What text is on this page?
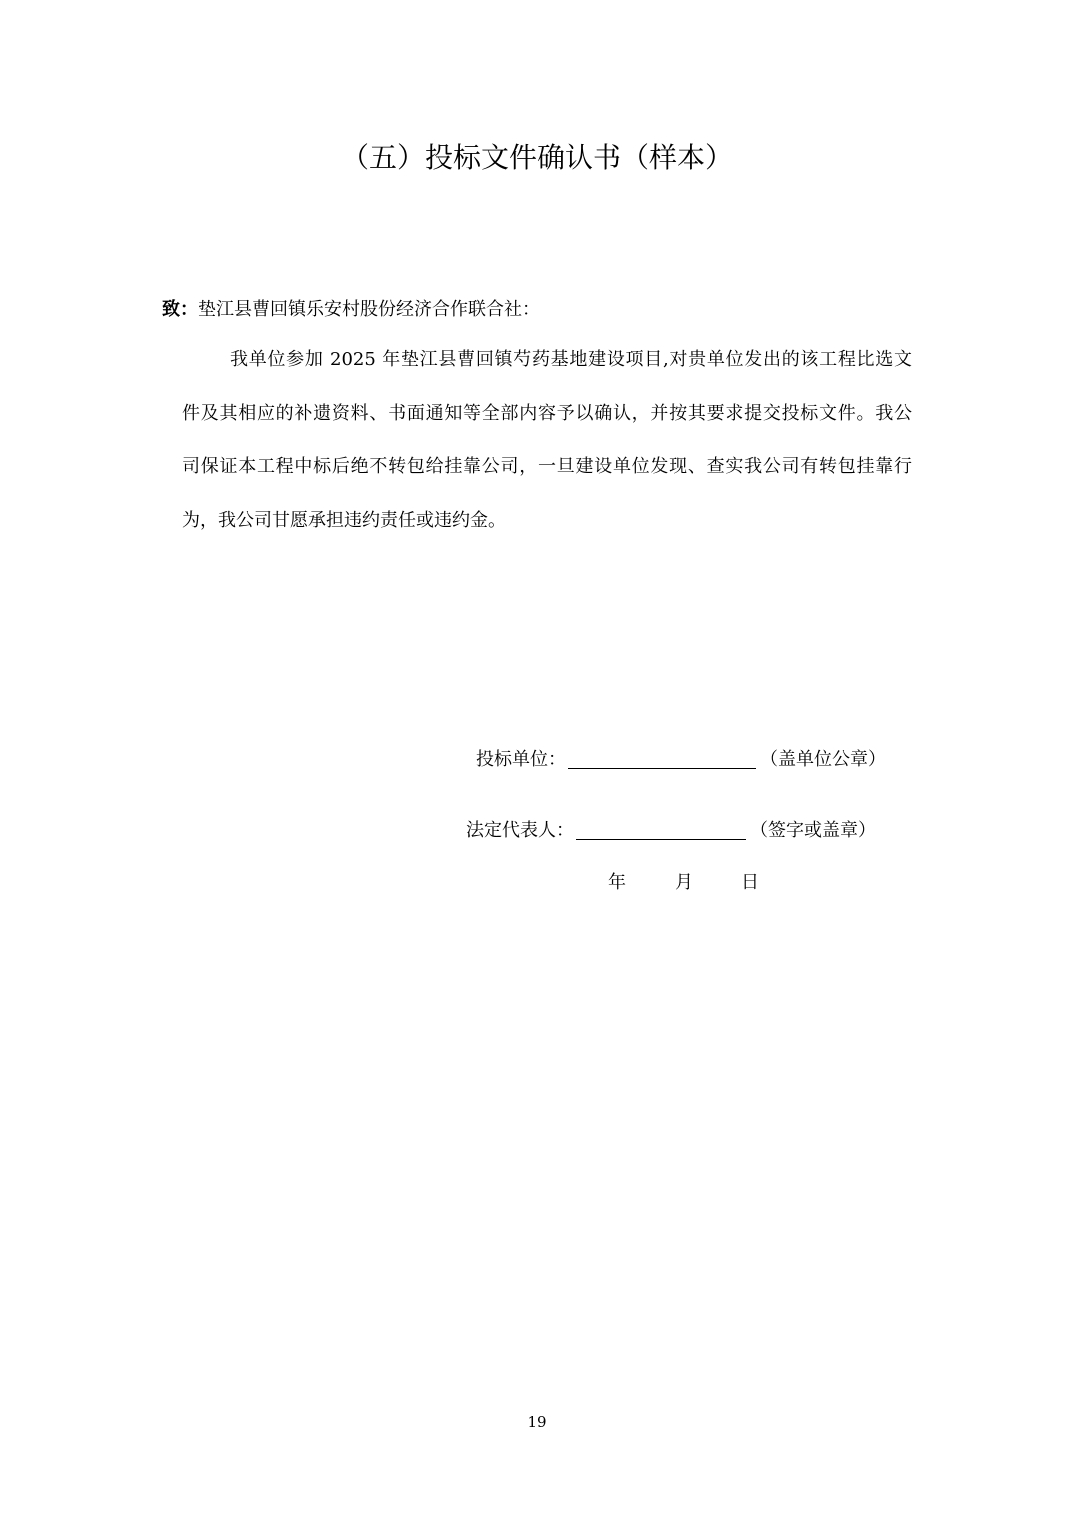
（五）投标文件确认书（样本）
致：垫江县曹回镇乐安村股份经济合作联合社：
我单位参加 2025 年垫江县曹回镇芍药基地建设项目,对贵单位发出的该工程比选文
件及其相应的补遗资料、书面通知等全部内容予以确认，并按其要求提交投标文件。我公
司保证本工程中标后绝不转包给挂靠公司，一旦建设单位发现、查实我公司有转包挂靠行
为，我公司甘愿承担违约责任或违约金。
投标单位：	（盖单位公章）
法定代表人：	（签字或盖章）
年	月	日
19
